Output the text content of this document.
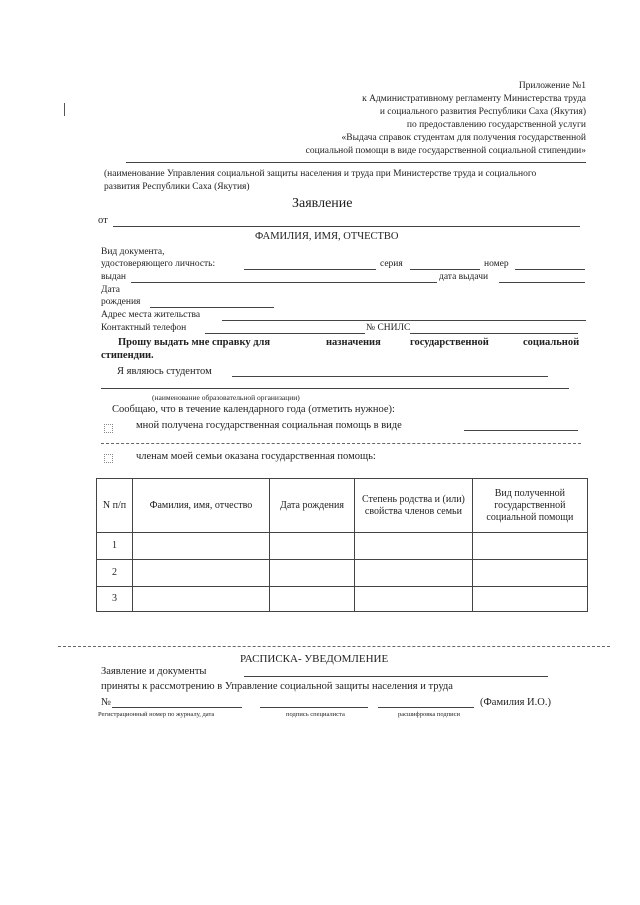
Приложение №1
к Административному регламенту Министерства труда
и социального развития Республики Саха (Якутия)
по предоставлению государственной услуги
«Выдача справок студентам для получения государственной
социальной помощи в виде государственной социальной стипендии»
(наименование Управления социальной защиты населения и труда при Министерстве труда и социального
развития Республики Саха (Якутия)
Заявление
от
ФАМИЛИЯ, ИМЯ, ОТЧЕСТВО
Вид документа,
удостоверяющего личность:	серия	номер
выдан	дата выдачи
Дата
рождения
Адрес места жительства
Контактный телефон	№ СНИЛС
Прошу выдать мне справку для	назначения	государственной	социальной
стипендии.
Я являюсь студентом
(наименование образовательной организации)
Сообщаю, что в течение календарного года (отметить нужное):
мной получена государственная социальная помощь в виде
членам моей семьи оказана государственная помощь:
N п/п	Фамилия, имя, отчество	Дата рождения	Степень родства и (или) свойства членов семьи	Вид полученной государственной социальной помощи
1				
2				
3				
РАСПИСКА- УВЕДОМЛЕНИЕ
Заявление и документы
приняты к рассмотрению в Управление социальной защиты населения и труда
№	(Фамилия И.О.)
Регистрационный номер по журналу, дата	подпись специалиста	расшифровка подписи
